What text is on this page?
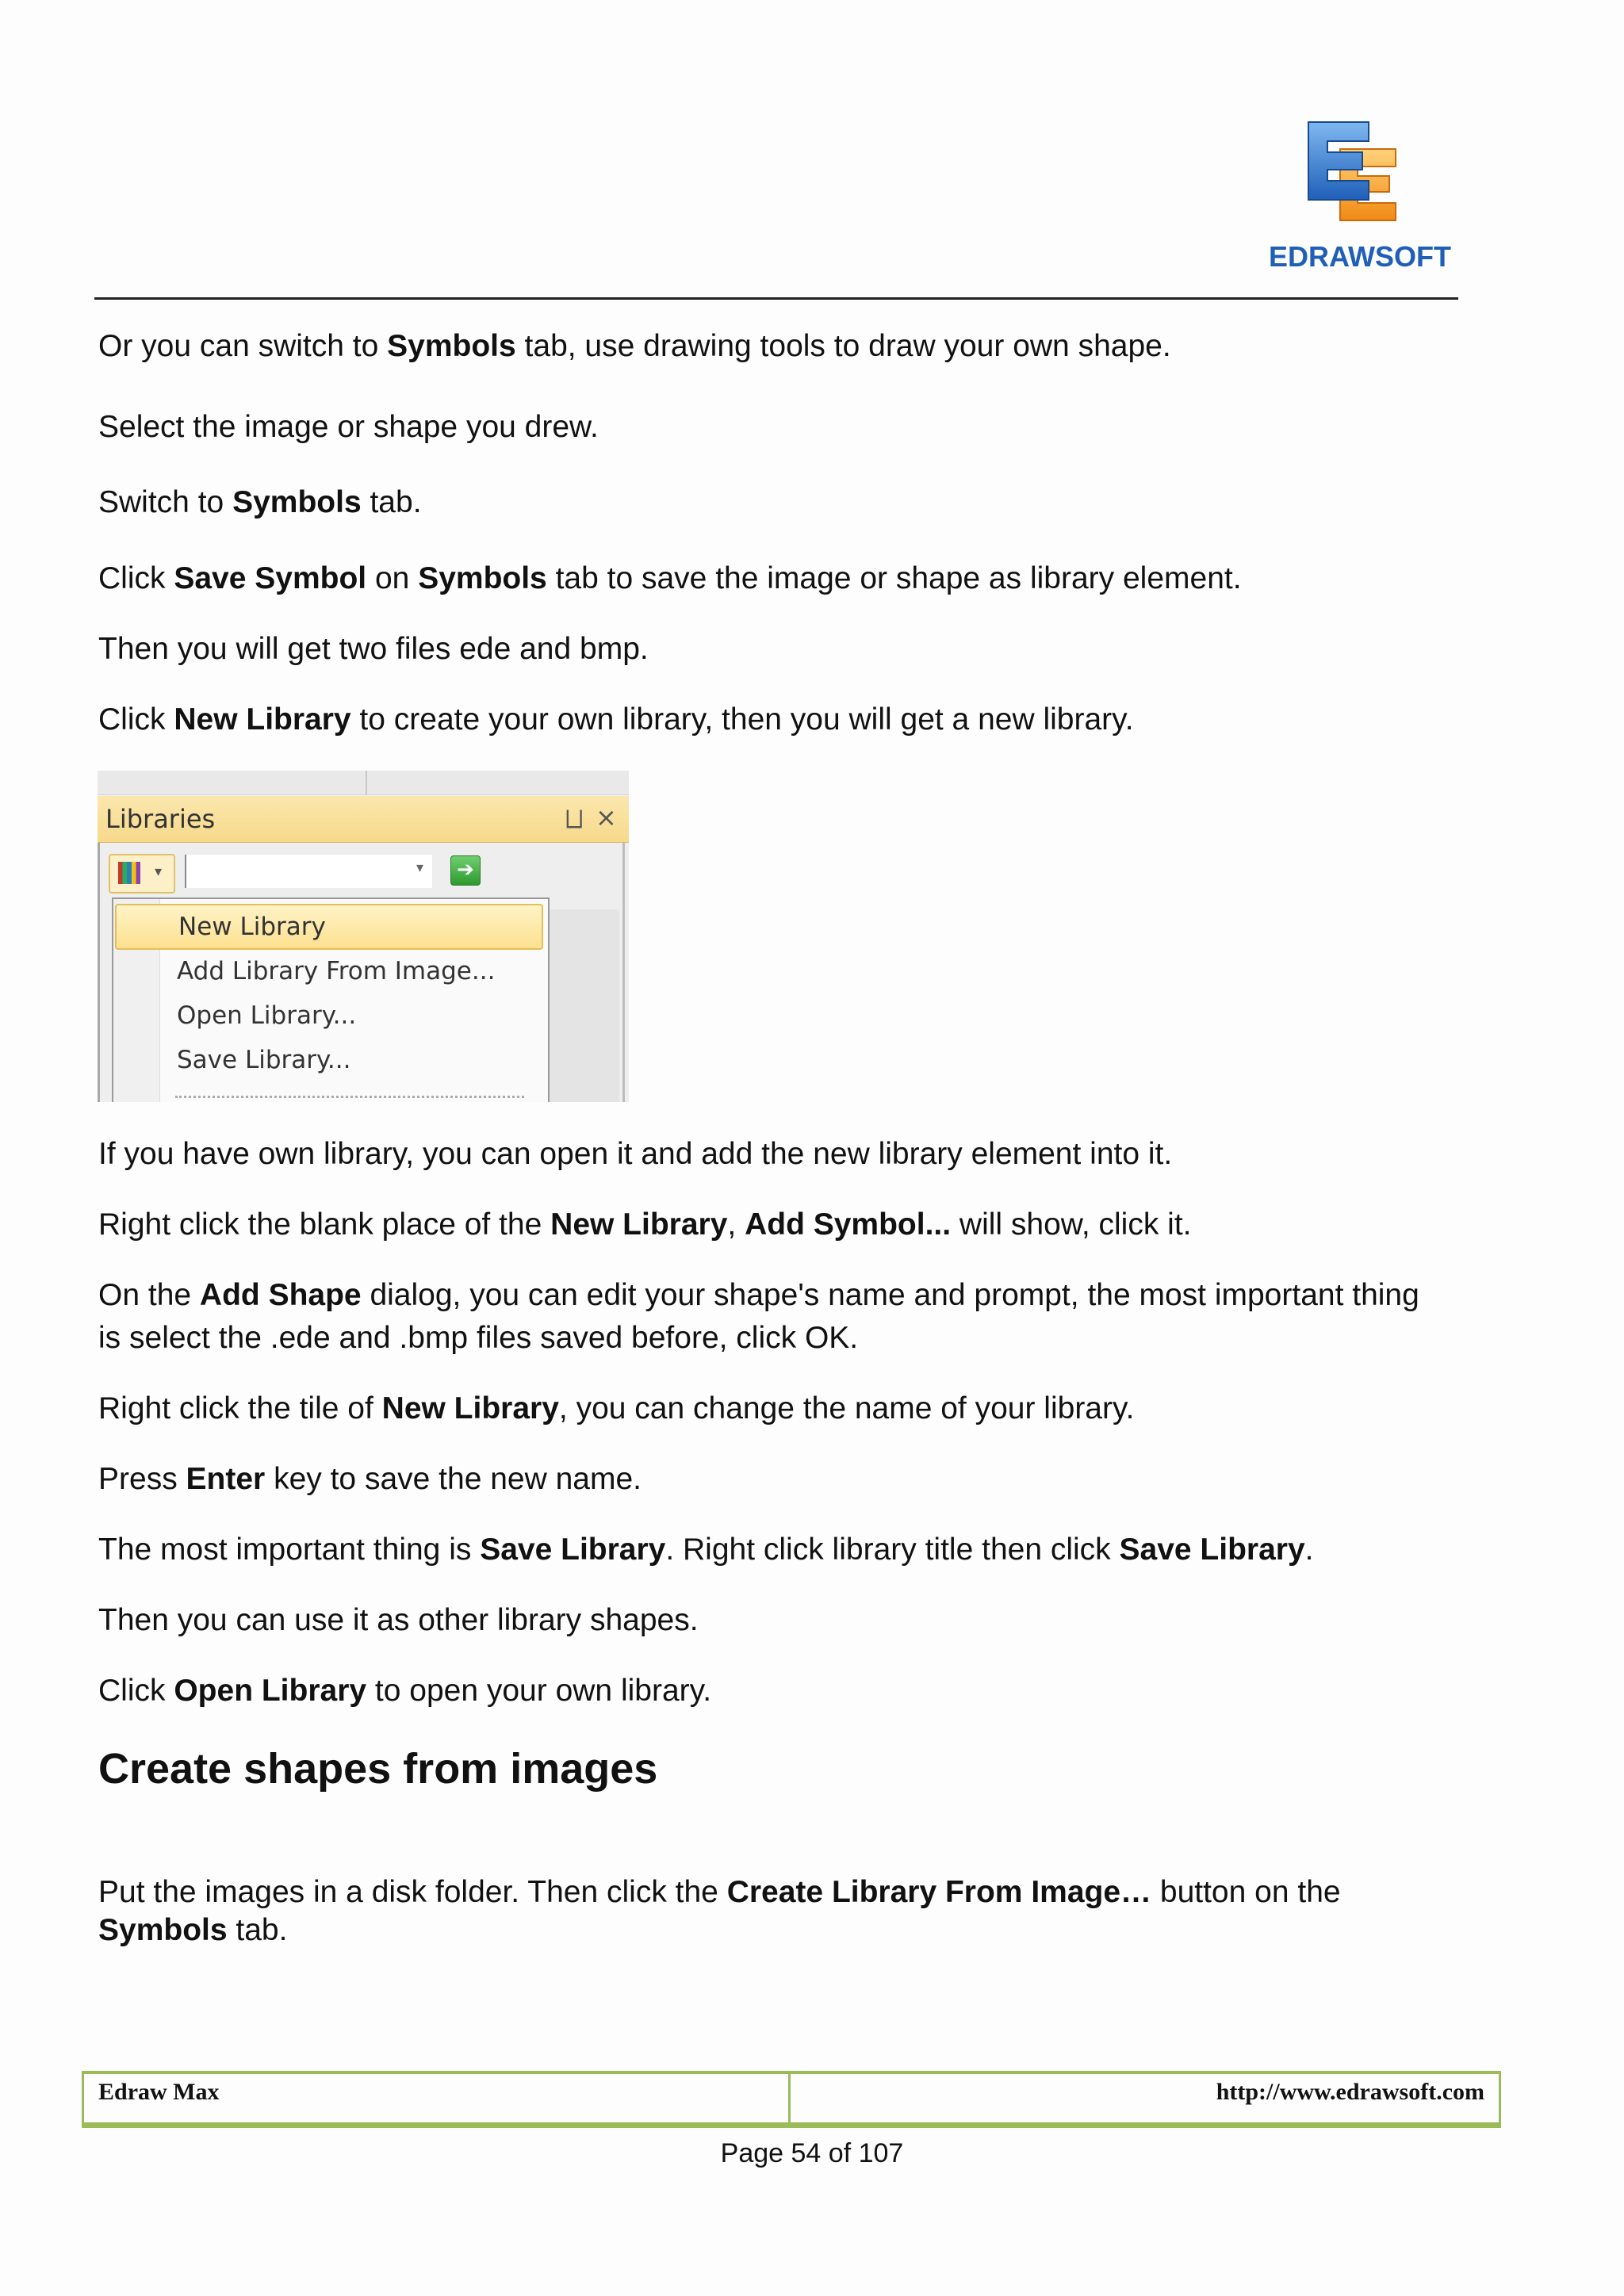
EDRAWSOFT

Or you can switch to Symbols tab, use drawing tools to draw your own shape.

Select the image or shape you drew.

Switch to Symbols tab.

Click Save Symbol on Symbols tab to save the image or shape as library element.

Then you will get two files ede and bmp.

Click New Library to create your own library, then you will get a new library.

Libraries	⨆ ×
▾	▾	➔
New Library
Add Library From Image...
Open Library...
Save Library...

If you have own library, you can open it and add the new library element into it.

Right click the blank place of the New Library, Add Symbol... will show, click it.

On the Add Shape dialog, you can edit your shape's name and prompt, the most important thing is select the .ede and .bmp files saved before, click OK.

Right click the tile of New Library, you can change the name of your library.

Press Enter key to save the new name.

The most important thing is Save Library. Right click library title then click Save Library.

Then you can use it as other library shapes.

Click Open Library to open your own library.

Create shapes from images

Put the images in a disk folder. Then click the Create Library From Image… button on the Symbols tab.

Edraw Max	http://www.edrawsoft.com
Page 54 of 107
